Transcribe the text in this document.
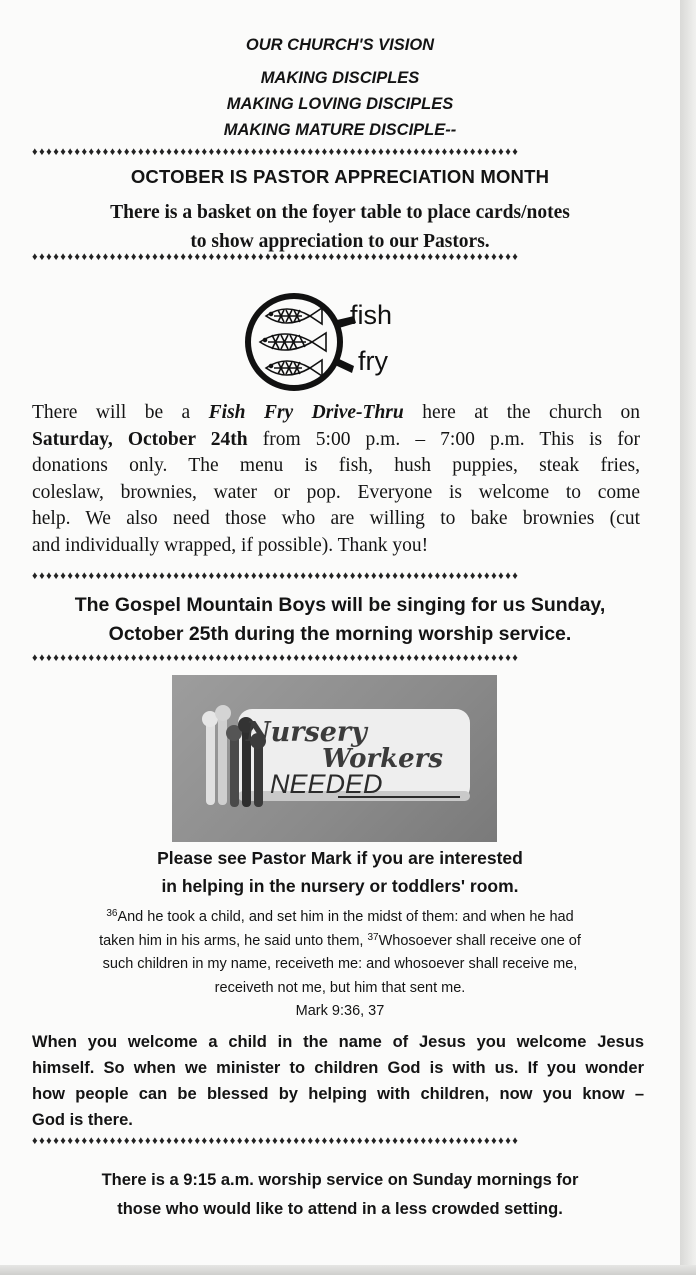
OUR CHURCH'S VISION
MAKING DISCIPLES
MAKING LOVING DISCIPLES
MAKING MATURE DISCIPLE--
♦♦♦♦♦♦♦♦♦♦♦♦♦♦♦♦♦♦♦♦♦♦♦♦♦♦♦♦♦♦♦♦♦♦♦♦♦♦♦♦♦♦♦♦♦♦♦♦♦♦♦♦♦♦♦♦♦♦♦♦♦♦♦♦♦♦♦♦♦
OCTOBER IS PASTOR APPRECIATION MONTH
There is a basket on the foyer table to place cards/notes
to show appreciation to our Pastors.
♦♦♦♦♦♦♦♦♦♦♦♦♦♦♦♦♦♦♦♦♦♦♦♦♦♦♦♦♦♦♦♦♦♦♦♦♦♦♦♦♦♦♦♦♦♦♦♦♦♦♦♦♦♦♦♦♦♦♦♦♦♦♦♦♦♦♦♦♦
fish
fry
There will be a Fish Fry Drive-Thru here at the church on
Saturday, October 24th from 5:00 p.m. – 7:00 p.m. This is for
donations only. The menu is fish, hush puppies, steak fries,
coleslaw, brownies, water or pop. Everyone is welcome to come
help. We also need those who are willing to bake brownies (cut
and individually wrapped, if possible). Thank you!
♦♦♦♦♦♦♦♦♦♦♦♦♦♦♦♦♦♦♦♦♦♦♦♦♦♦♦♦♦♦♦♦♦♦♦♦♦♦♦♦♦♦♦♦♦♦♦♦♦♦♦♦♦♦♦♦♦♦♦♦♦♦♦♦♦♦♦♦♦
The Gospel Mountain Boys will be singing for us Sunday,
October 25th during the morning worship service.
♦♦♦♦♦♦♦♦♦♦♦♦♦♦♦♦♦♦♦♦♦♦♦♦♦♦♦♦♦♦♦♦♦♦♦♦♦♦♦♦♦♦♦♦♦♦♦♦♦♦♦♦♦♦♦♦♦♦♦♦♦♦♦♦♦♦♦♦♦
Nursery
Workers
NEEDED
Please see Pastor Mark if you are interested
in helping in the nursery or toddlers' room.
$^{36}$And he took a child, and set him in the midst of them: and when he had
taken him in his arms, he said unto them, $^{37}$Whosoever shall receive one of
such children in my name, receiveth me: and whosoever shall receive me,
receiveth not me, but him that sent me.
Mark 9:36, 37
When you welcome a child in the name of Jesus you welcome Jesus
himself. So when we minister to children God is with us. If you wonder
how people can be blessed by helping with children, now you know –
God is there.
♦♦♦♦♦♦♦♦♦♦♦♦♦♦♦♦♦♦♦♦♦♦♦♦♦♦♦♦♦♦♦♦♦♦♦♦♦♦♦♦♦♦♦♦♦♦♦♦♦♦♦♦♦♦♦♦♦♦♦♦♦♦♦♦♦♦♦♦♦
There is a 9:15 a.m. worship service on Sunday mornings for
those who would like to attend in a less crowded setting.
